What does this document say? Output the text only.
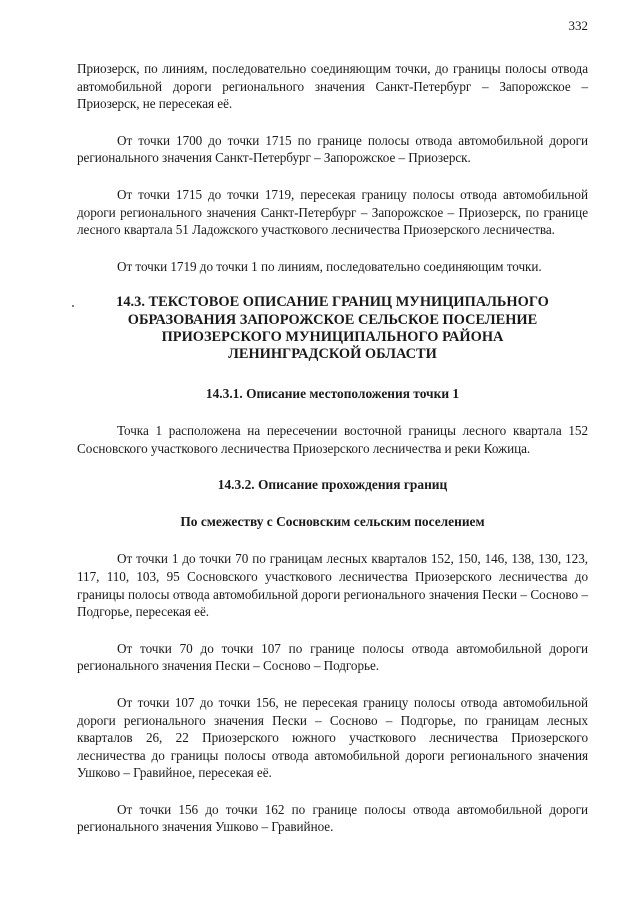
332

Приозерск, по линиям, последовательно соединяющим точки, до границы полосы отвода автомобильной дороги регионального значения Санкт-Петербург – Запорожское – Приозерск, не пересекая её.

От точки 1700 до точки 1715 по границе полосы отвода автомобильной дороги регионального значения Санкт-Петербург – Запорожское – Приозерск.

От точки 1715 до точки 1719, пересекая границу полосы отвода автомобильной дороги регионального значения Санкт-Петербург – Запорожское – Приозерск, по границе лесного квартала 51 Ладожского участкового лесничества Приозерского лесничества.

От точки 1719 до точки 1 по линиям, последовательно соединяющим точки.

14.3. ТЕКСТОВОЕ ОПИСАНИЕ ГРАНИЦ МУНИЦИПАЛЬНОГО ОБРАЗОВАНИЯ ЗАПОРОЖСКОЕ СЕЛЬСКОЕ ПОСЕЛЕНИЕ ПРИОЗЕРСКОГО МУНИЦИПАЛЬНОГО РАЙОНА ЛЕНИНГРАДСКОЙ ОБЛАСТИ
14.3.1. Описание местоположения точки 1

Точка 1 расположена на пересечении восточной границы лесного квартала 152 Сосновского участкового лесничества Приозерского лесничества и реки Кожица.

14.3.2. Описание прохождения границ
По смежеству с Сосновским сельским поселением

От точки 1 до точки 70 по границам лесных кварталов 152, 150, 146, 138, 130, 123, 117, 110, 103, 95 Сосновского участкового лесничества Приозерского лесничества до границы полосы отвода автомобильной дороги регионального значения Пески – Сосново – Подгорье, пересекая её.

От точки 70 до точки 107 по границе полосы отвода автомобильной дороги регионального значения Пески – Сосново – Подгорье.

От точки 107 до точки 156, не пересекая границу полосы отвода автомобильной дороги регионального значения Пески – Сосново – Подгорье, по границам лесных кварталов 26, 22 Приозерского южного участкового лесничества Приозерского лесничества до границы полосы отвода автомобильной дороги регионального значения Ушково – Гравийное, пересекая её.

От точки 156 до точки 162 по границе полосы отвода автомобильной дороги регионального значения Ушково – Гравийное.
